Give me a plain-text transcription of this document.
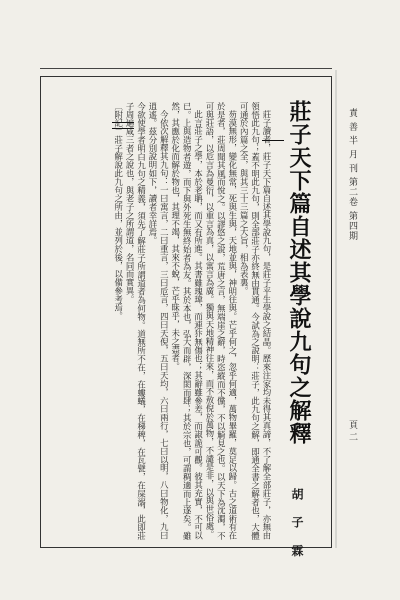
責 善 半 月 刊 第二卷 第四期
頁 二
莊子天下篇自述其學說九句之解釋
胡 子 霖

莊子讀者，莊子天下篇自述其學說九句，是莊子平生學說之結晶。歷來注家均未得其真諦，不了解全部莊子，亦無由領悟此九句；蓋不明此九句，則全部莊子亦終無由貫通。今試為之說明：莊子，此九句之解，即通全書之解者也，大體可通於內篇之全，與其三十三篇之大旨，相為表裏。

芴漠無形，變化無常，死與生與，天地並與，神明往與。芒乎何之，忽乎何適，萬物畢羅，莫足以歸。古之道術有在於是者，莊周聞其風而悅之。以謬悠之說，荒唐之言，無端崖之辭，時恣縱而不儻，不以觭見之也。以天下為沈濁，不可與莊語，以卮言為曼衍，以重言為真，以寓言為廣。獨與天地精神往來，而不敖倪於萬物，不譴是非，以與世俗處。

此言莊子之學，本於老聃，而又有所進。其書雖瑰瑋，而連犿無傷也；其辭雖參差，而諔詭可觀。彼其充實，不可以已。上與造物者遊，而下與外死生無終始者為友。其於本也，弘大而辟，深閎而肆；其於宗也，可謂稠適而上遂矣。雖然，其應於化而解於物也，其理不竭，其來不蛻，芒乎昧乎，未之盡者。

今依次解釋其九句：一曰寓言，二曰重言，三曰卮言，四曰天倪，五曰天均，六曰兩行，七曰以明，八曰物化，九曰逍遙。茲分別說明如下，讀者幸詳焉。

今欲使學者明白九句之精義，須先了解莊子所謂道者為何物。道無所不在，在螻蟻，在稊稗，在瓦甓，在屎溺，此即莊子周遍咸三者之說也，與老子之所謂道，名同而實異。

〔附記〕莊子解說此九句之所由，並列於後，以備參考焉。
